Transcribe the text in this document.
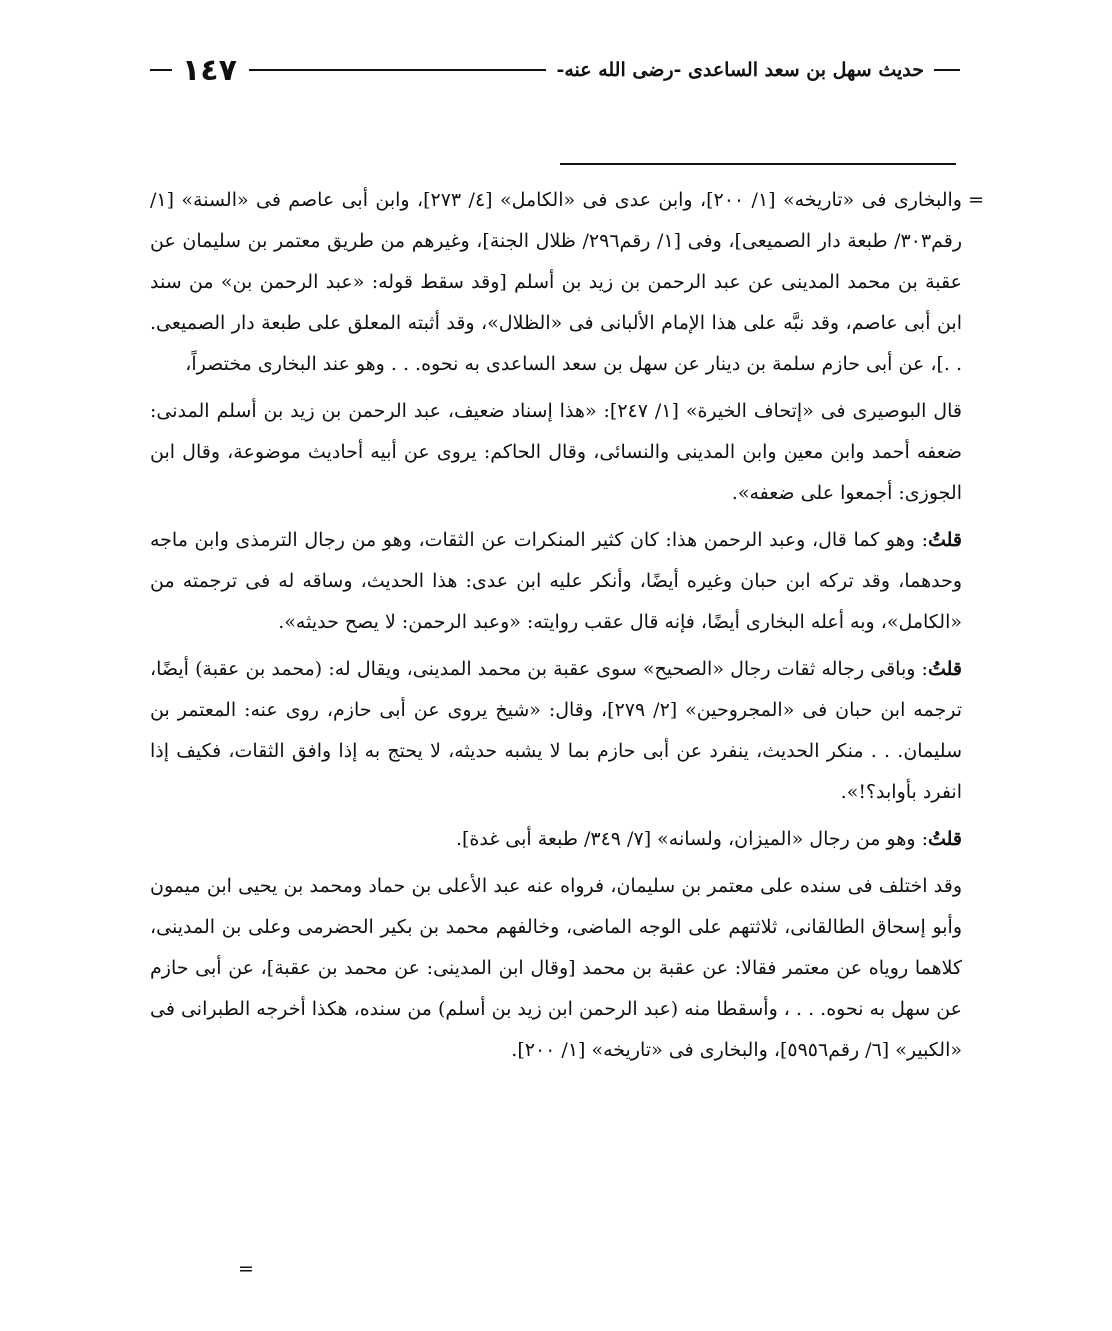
١٤٧	حديث سهل بن سعد الساعدى -رضى الله عنه-

=
والبخارى فى «تاريخه» [١/ ٢٠٠]، وابن عدى فى «الكامل» [٤/ ٢٧٣]، وابن أبى عاصم فى «السنة» [١/ رقم٣٠٣/ طبعة دار الصميعى]، وفى [١/ رقم٢٩٦/ ظلال الجنة]، وغيرهم من طريق معتمر بن سليمان عن عقبة بن محمد المدينى عن عبد الرحمن بن زيد بن أسلم [وقد سقط قوله: «عبد الرحمن بن» من سند ابن أبى عاصم، وقد نبَّه على هذا الإمام الألبانى فى «الظلال»، وقد أثبته المعلق على طبعة دار الصميعى. . .]، عن أبى حازم سلمة بن دينار عن سهل بن سعد الساعدى به نحوه. . . وهو عند البخارى مختصراً،

قال البوصيرى فى «إتحاف الخيرة» [١/ ٢٤٧]: «هذا إسناد ضعيف، عبد الرحمن بن زيد بن أسلم المدنى: ضعفه أحمد وابن معين وابن المدينى والنسائى، وقال الحاكم: يروى عن أبيه أحاديث موضوعة، وقال ابن الجوزى: أجمعوا على ضعفه».

قلتُ: وهو كما قال، وعبد الرحمن هذا: كان كثير المنكرات عن الثقات، وهو من رجال الترمذى وابن ماجه وحدهما، وقد تركه ابن حبان وغيره أيضًا، وأنكر عليه ابن عدى: هذا الحديث، وساقه له فى ترجمته من «الكامل»، وبه أعله البخارى أيضًا، فإنه قال عقب روايته: «وعبد الرحمن: لا يصح حديثه».

قلتُ: وباقى رجاله ثقات رجال «الصحيح» سوى عقبة بن محمد المدينى، ويقال له: (محمد بن عقبة) أيضًا، ترجمه ابن حبان فى «المجروحين» [٢/ ٢٧٩]، وقال: «شيخ يروى عن أبى حازم، روى عنه: المعتمر بن سليمان. . . منكر الحديث، ينفرد عن أبى حازم بما لا يشبه حديثه، لا يحتج به إذا وافق الثقات، فكيف إذا انفرد بأوابد؟!».

قلتُ: وهو من رجال «الميزان، ولسانه» [٧/ ٣٤٩/ طبعة أبى غدة].

وقد اختلف فى سنده على معتمر بن سليمان، فرواه عنه عبد الأعلى بن حماد ومحمد بن يحيى ابن ميمون وأبو إسحاق الطالقانى، ثلاثتهم على الوجه الماضى، وخالفهم محمد بن بكير الحضرمى وعلى بن المدينى، كلاهما روياه عن معتمر فقالا: عن عقبة بن محمد [وقال ابن المدينى: عن محمد بن عقبة]، عن أبى حازم عن سهل به نحوه. . . ، وأسقطا منه (عبد الرحمن ابن زيد بن أسلم) من سنده، هكذا أخرجه الطبرانى فى «الكبير» [٦/ رقم٥٩٥٦]، والبخارى فى «تاريخه» [١/ ٢٠٠].

=
